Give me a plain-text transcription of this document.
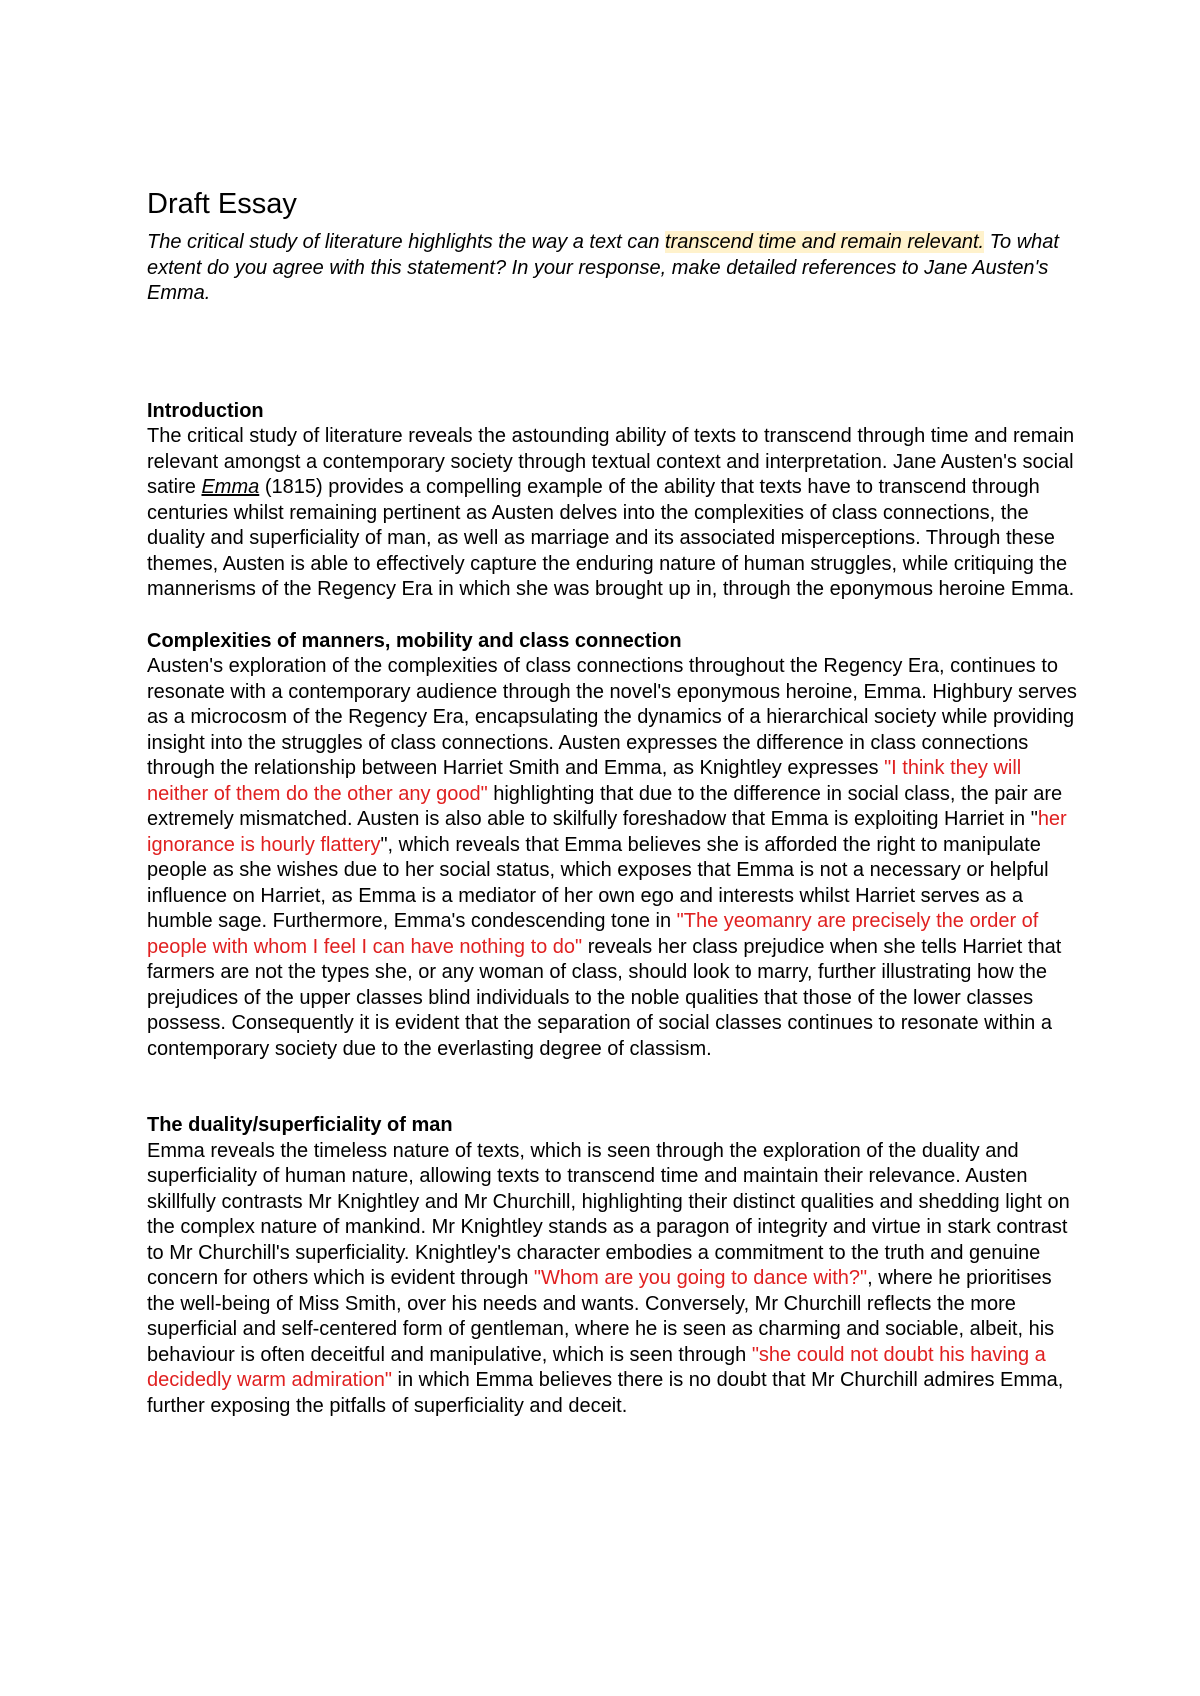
Draft Essay

The critical study of literature highlights the way a text can transcend time and remain relevant. To what extent do you agree with this statement? In your response, make detailed references to Jane Austen's Emma.

Introduction

The critical study of literature reveals the astounding ability of texts to transcend through time and remain relevant amongst a contemporary society through textual context and interpretation. Jane Austen's social satire Emma (1815) provides a compelling example of the ability that texts have to transcend through centuries whilst remaining pertinent as Austen delves into the complexities of class connections, the duality and superficiality of man, as well as marriage and its associated misperceptions. Through these themes, Austen is able to effectively capture the enduring nature of human struggles, while critiquing the mannerisms of the Regency Era in which she was brought up in, through the eponymous heroine Emma.

Complexities of manners, mobility and class connection

Austen's exploration of the complexities of class connections throughout the Regency Era, continues to resonate with a contemporary audience through the novel's eponymous heroine, Emma. Highbury serves as a microcosm of the Regency Era, encapsulating the dynamics of a hierarchical society while providing insight into the struggles of class connections. Austen expresses the difference in class connections through the relationship between Harriet Smith and Emma, as Knightley expresses "I think they will neither of them do the other any good" highlighting that due to the difference in social class, the pair are extremely mismatched. Austen is also able to skilfully foreshadow that Emma is exploiting Harriet in "her ignorance is hourly flattery", which reveals that Emma believes she is afforded the right to manipulate people as she wishes due to her social status, which exposes that Emma is not a necessary or helpful influence on Harriet, as Emma is a mediator of her own ego and interests whilst Harriet serves as a humble sage. Furthermore, Emma's condescending tone in "The yeomanry are precisely the order of people with whom I feel I can have nothing to do" reveals her class prejudice when she tells Harriet that farmers are not the types she, or any woman of class, should look to marry, further illustrating how the prejudices of the upper classes blind individuals to the noble qualities that those of the lower classes possess. Consequently it is evident that the separation of social classes continues to resonate within a contemporary society due to the everlasting degree of classism.

The duality/superficiality of man

Emma reveals the timeless nature of texts, which is seen through the exploration of the duality and superficiality of human nature, allowing texts to transcend time and maintain their relevance. Austen skillfully contrasts Mr Knightley and Mr Churchill, highlighting their distinct qualities and shedding light on the complex nature of mankind. Mr Knightley stands as a paragon of integrity and virtue in stark contrast to Mr Churchill's superficiality. Knightley's character embodies a commitment to the truth and genuine concern for others which is evident through "Whom are you going to dance with?", where he prioritises the well-being of Miss Smith, over his needs and wants. Conversely, Mr Churchill reflects the more superficial and self-centered form of gentleman, where he is seen as charming and sociable, albeit, his behaviour is often deceitful and manipulative, which is seen through "she could not doubt his having a decidedly warm admiration" in which Emma believes there is no doubt that Mr Churchill admires Emma, further exposing the pitfalls of superficiality and deceit.
